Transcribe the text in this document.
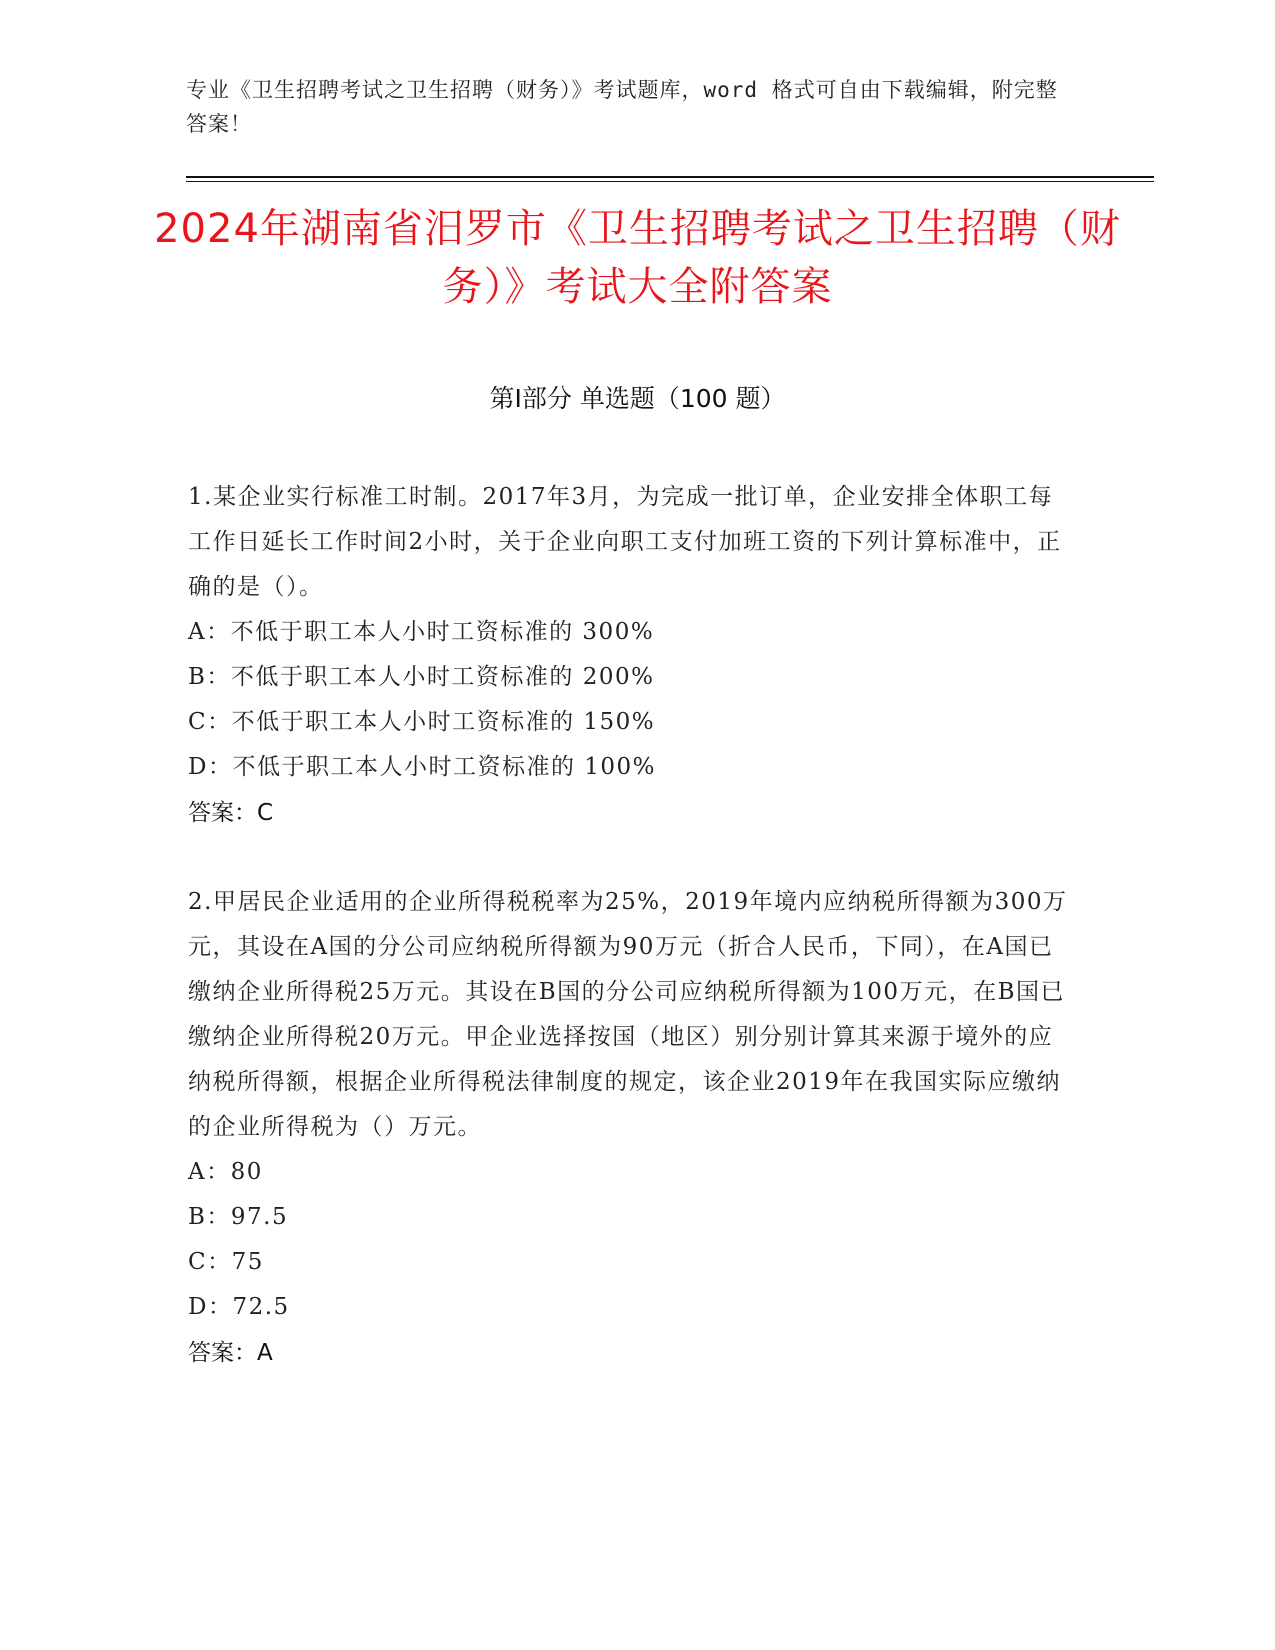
专业《卫生招聘考试之卫生招聘（财务）》考试题库，word 格式可自由下载编辑，附完整答案！
2024年湖南省汨罗市《卫生招聘考试之卫生招聘（财务）》考试大全附答案
第Ⅰ部分 单选题（100 题）
1.某企业实行标准工时制。2017年3月，为完成一批订单，企业安排全体职工每工作日延长工作时间2小时，关于企业向职工支付加班工资的下列计算标准中，正确的是（）。
A：不低于职工本人小时工资标准的 300%
B：不低于职工本人小时工资标准的 200%
C：不低于职工本人小时工资标准的 150%
D：不低于职工本人小时工资标准的 100%
答案：C
2.甲居民企业适用的企业所得税税率为25%，2019年境内应纳税所得额为300万元，其设在A国的分公司应纳税所得额为90万元（折合人民币，下同），在A国已缴纳企业所得税25万元。其设在B国的分公司应纳税所得额为100万元，在B国已缴纳企业所得税20万元。甲企业选择按国（地区）别分别计算其来源于境外的应纳税所得额，根据企业所得税法律制度的规定，该企业2019年在我国实际应缴纳的企业所得税为（）万元。
A：80
B：97.5
C：75
D：72.5
答案：A
